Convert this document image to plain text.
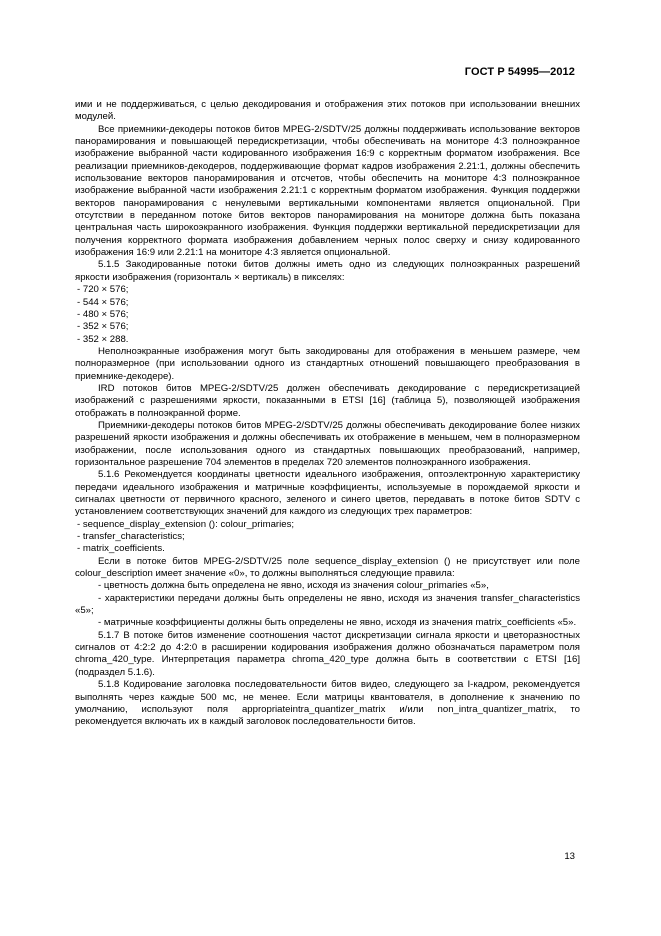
ГОСТ Р 54995—2012

ими и не поддерживаться, с целью декодирования и отображения этих потоков при использовании внешних модулей.

Все приемники-декодеры потоков битов MPEG-2/SDTV/25 должны поддерживать использование векторов панорамирования и повышающей передискретизации, чтобы обеспечивать на мониторе 4:3 полноэкранное изображение выбранной части кодированного изображения 16:9 с корректным форматом изображения. Все реализации приемников-декодеров, поддерживающие формат кадров изображения 2.21:1, должны обеспечить использование векторов панорамирования и отсчетов, чтобы обеспечить на мониторе 4:3 полноэкранное изображение выбранной части изображения 2.21:1 с корректным форматом изображения. Функция поддержки векторов панорамирования с ненулевыми вертикальными компонентами является опциональной. При отсутствии в переданном потоке битов векторов панорамирования на мониторе должна быть показана центральная часть широкоэкранного изображения. Функция поддержки вертикальной передискретизации для получения корректного формата изображения добавлением черных полос сверху и снизу кодированного изображения 16:9 или 2.21:1 на мониторе 4:3 является опциональной.

5.1.5 Закодированные потоки битов должны иметь одно из следующих полноэкранных разрешений яркости изображения (горизонталь × вертикаль) в пикселях:

- 720 × 576;

- 544 × 576;

- 480 × 576;

- 352 × 576;

- 352 × 288.

Неполноэкранные изображения могут быть закодированы для отображения в меньшем размере, чем полноразмерное (при использовании одного из стандартных отношений повышающего преобразования в приемнике-декодере).

IRD потоков битов MPEG-2/SDTV/25 должен обеспечивать декодирование с передискретизацией изображений с разрешениями яркости, показанными в ETSI [16] (таблица 5), позволяющей изображения отображать в полноэкранной форме.

Приемники-декодеры потоков битов MPEG-2/SDTV/25 должны обеспечивать декодирование более низких разрешений яркости изображения и должны обеспечивать их отображение в меньшем, чем в полноразмерном изображении, после использования одного из стандартных повышающих преобразований, например, горизонтальное разрешение 704 элементов в пределах 720 элементов полноэкранного изображения.

5.1.6 Рекомендуется координаты цветности идеального изображения, оптоэлектронную характеристику передачи идеального изображения и матричные коэффициенты, используемые в порождаемой яркости и сигналах цветности от первичного красного, зеленого и синего цветов, передавать в потоке битов SDTV с установлением соответствующих значений для каждого из следующих трех параметров:

- sequence_display_extension (): colour_primaries;

- transfer_characteristics;

- matrix_coefficients.

Если в потоке битов MPEG-2/SDTV/25 поле sequence_display_extension () не присутствует или поле colour_description имеет значение «0», то должны выполняться следующие правила:

- цветность должна быть определена не явно, исходя из значения colour_primaries «5»,

- характеристики передачи должны быть определены не явно, исходя из значения transfer_characteristics «5»;

- матричные коэффициенты должны быть определены не явно, исходя из значения matrix_coefficients «5».

5.1.7 В потоке битов изменение соотношения частот дискретизации сигнала яркости и цветоразностных сигналов от 4:2:2 до 4:2:0 в расширении кодирования изображения должно обозначаться параметром поля chroma_420_type. Интерпретация параметра chroma_420_type должна быть в соответствии с ETSI [16] (подраздел 5.1.6).

5.1.8 Кодирование заголовка последовательности битов видео, следующего за I-кадром, рекомендуется выполнять через каждые 500 мс, не менее. Если матрицы квантователя, в дополнение к значению по умолчанию, используют поля appropriateintra_quantizer_matrix и/или non_intra_quantizer_matrix, то рекомендуется включать их в каждый заголовок последовательности битов.

13
